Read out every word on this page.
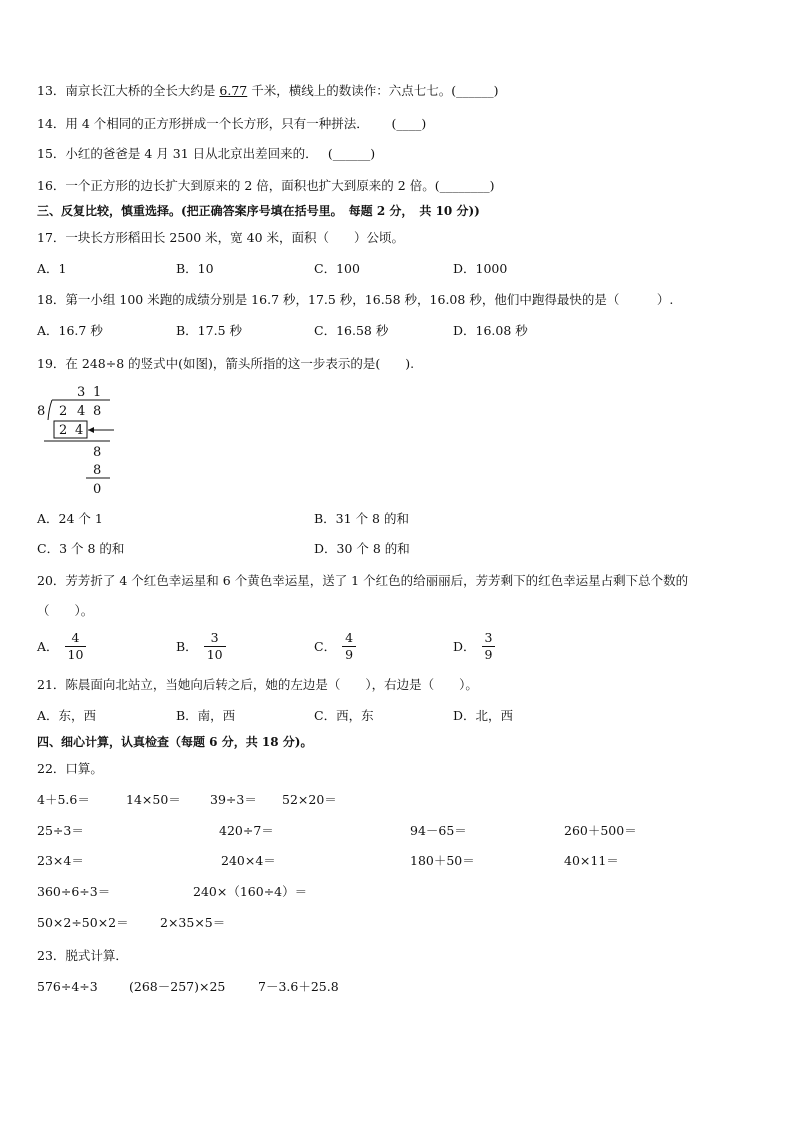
13．南京长江大桥的全长大约是 6.77 千米，横线上的数读作：六点七七。(______)
14．用 4 个相同的正方形拼成一个长方形，只有一种拼法．　　 (____)
15．小红的爸爸是 4 月 31 日从北京出差回来的．　 (______)
16．一个正方形的边长扩大到原来的 2 倍，面积也扩大到原来的 2 倍。(________)
三、反复比较，慎重选择。(把正确答案序号填在括号里。　每题 2 分，　共 10 分))
17．一块长方形稻田长 2500 米，宽 40 米，面积（　　）公顷。
A．1	B．10	C．100	D．1000
18．第一小组 100 米跑的成绩分别是 16.7 秒，17.5 秒，16.58 秒，16.08 秒，他们中跑得最快的是（　　　）.
A．16.7 秒	B．17.5 秒	C．16.58 秒	D．16.08 秒
19．在 248÷8 的竖式中(如图)，箭头所指的这一步表示的是(　　).
3 1
8 2 4 8
2 4
8
8
0
A．24 个 1	B．31 个 8 的和
C．3 个 8 的和	D．30 个 8 的和
20．芳芳折了 4 个红色幸运星和 6 个黄色幸运星，送了 1 个红色的给丽丽后，芳芳剩下的红色幸运星占剩下总个数的
（　　）。
A． $\frac{4}{10}$	B． $\frac{3}{10}$	C． $\frac{4}{9}$	D． $\frac{3}{9}$
21．陈晨面向北站立，当她向后转之后，她的左边是（　　），右边是（　　）。
A．东，西	B．南，西	C．西，东	D．北，西
四、细心计算，认真检查（每题 6 分，共 18 分)。
22．口算。
4＋5.6＝	14×50＝ 39÷3＝ 52×20＝
25÷3＝	420÷7＝	94－65＝	260＋500＝
23×4＝	240×4＝	180＋50＝	40×11＝
360÷6÷3＝	240×（160÷4）＝
50×2÷50×2＝	2×35×5＝
23．脱式计算．
576÷4÷3	(268－257)×25	7－3.6＋25.8
